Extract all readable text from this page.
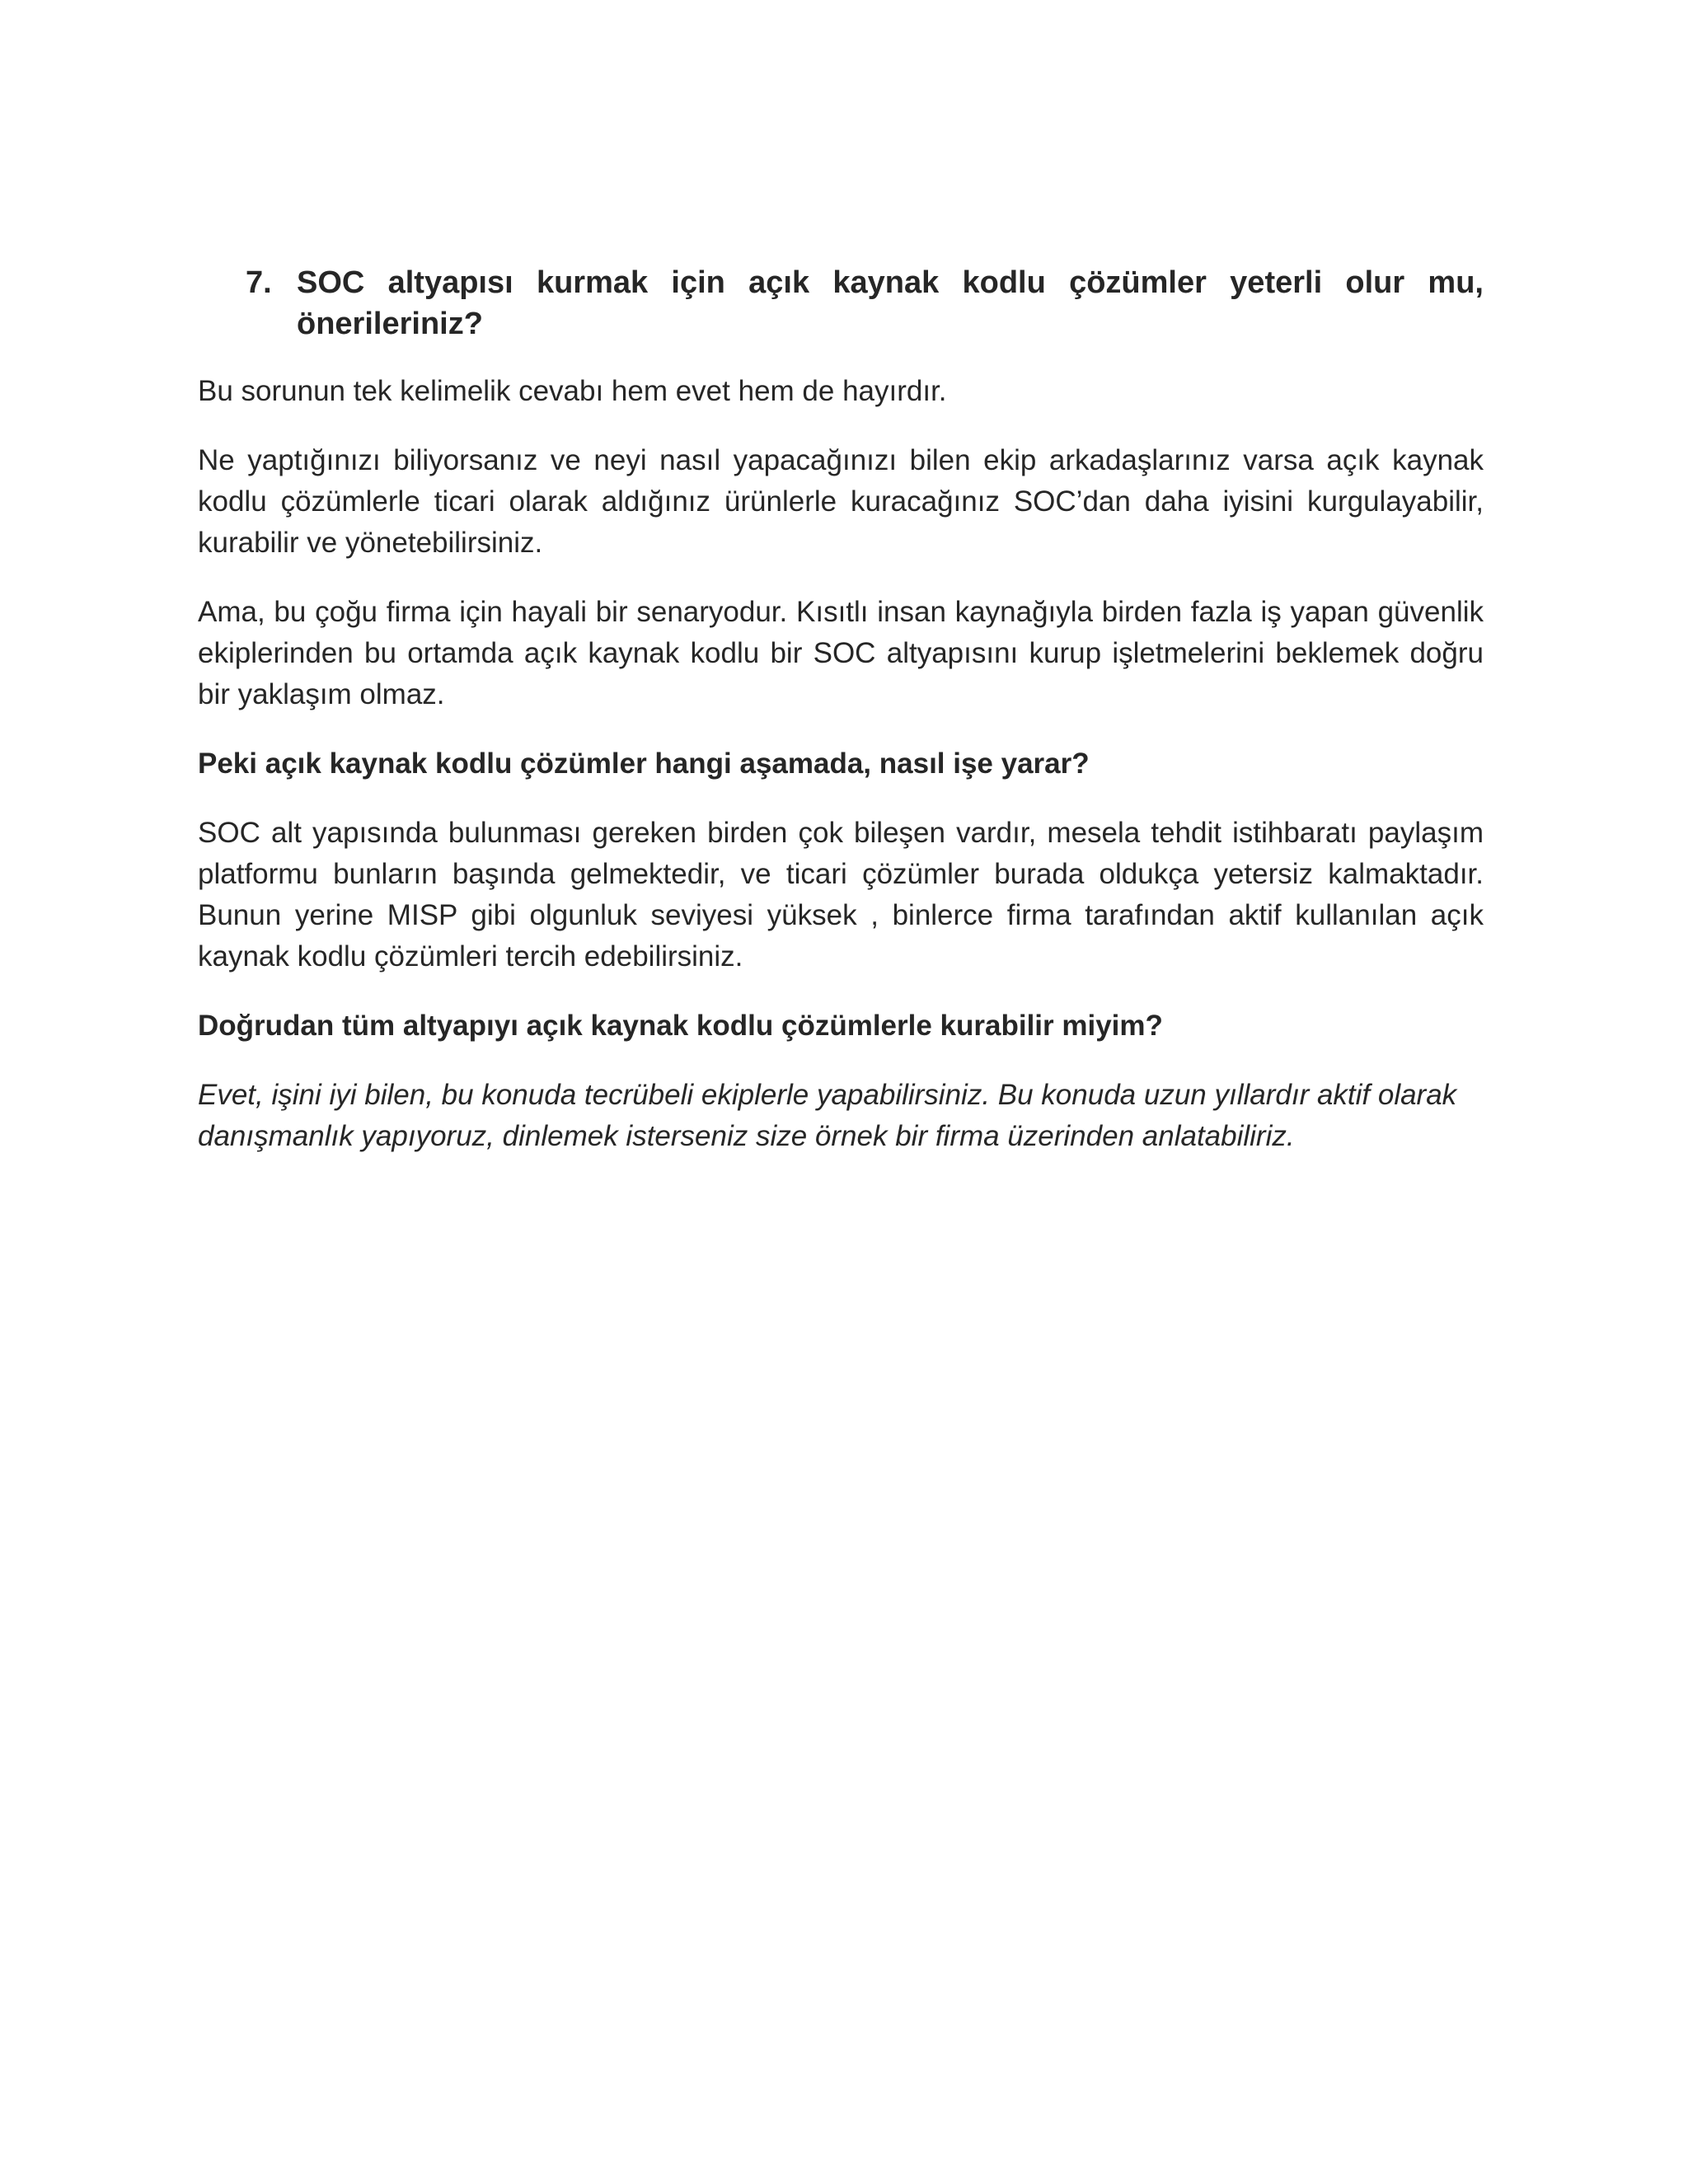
7. SOC altyapısı kurmak için açık kaynak kodlu çözümler yeterli olur mu, önerileriniz?

Bu sorunun tek kelimelik cevabı hem evet hem de hayırdır.

Ne yaptığınızı biliyorsanız ve neyi nasıl yapacağınızı bilen ekip arkadaşlarınız varsa açık kaynak kodlu çözümlerle ticari olarak aldığınız ürünlerle kuracağınız SOC’dan daha iyisini kurgulayabilir, kurabilir ve yönetebilirsiniz.

Ama, bu çoğu firma için hayali bir senaryodur. Kısıtlı insan kaynağıyla birden fazla iş yapan güvenlik ekiplerinden bu ortamda açık kaynak kodlu bir SOC altyapısını kurup işletmelerini beklemek doğru bir yaklaşım olmaz.

Peki açık kaynak kodlu çözümler hangi aşamada, nasıl işe yarar?

SOC alt yapısında bulunması gereken birden çok bileşen vardır, mesela tehdit istihbaratı paylaşım platformu bunların başında gelmektedir, ve ticari çözümler burada oldukça yetersiz kalmaktadır. Bunun yerine MISP gibi olgunluk seviyesi yüksek , binlerce firma tarafından aktif kullanılan açık kaynak kodlu çözümleri tercih edebilirsiniz.

Doğrudan tüm altyapıyı açık kaynak kodlu çözümlerle kurabilir miyim?

Evet, işini iyi bilen, bu konuda tecrübeli ekiplerle yapabilirsiniz. Bu konuda uzun yıllardır aktif olarak danışmanlık yapıyoruz, dinlemek isterseniz size örnek bir firma üzerinden anlatabiliriz.
